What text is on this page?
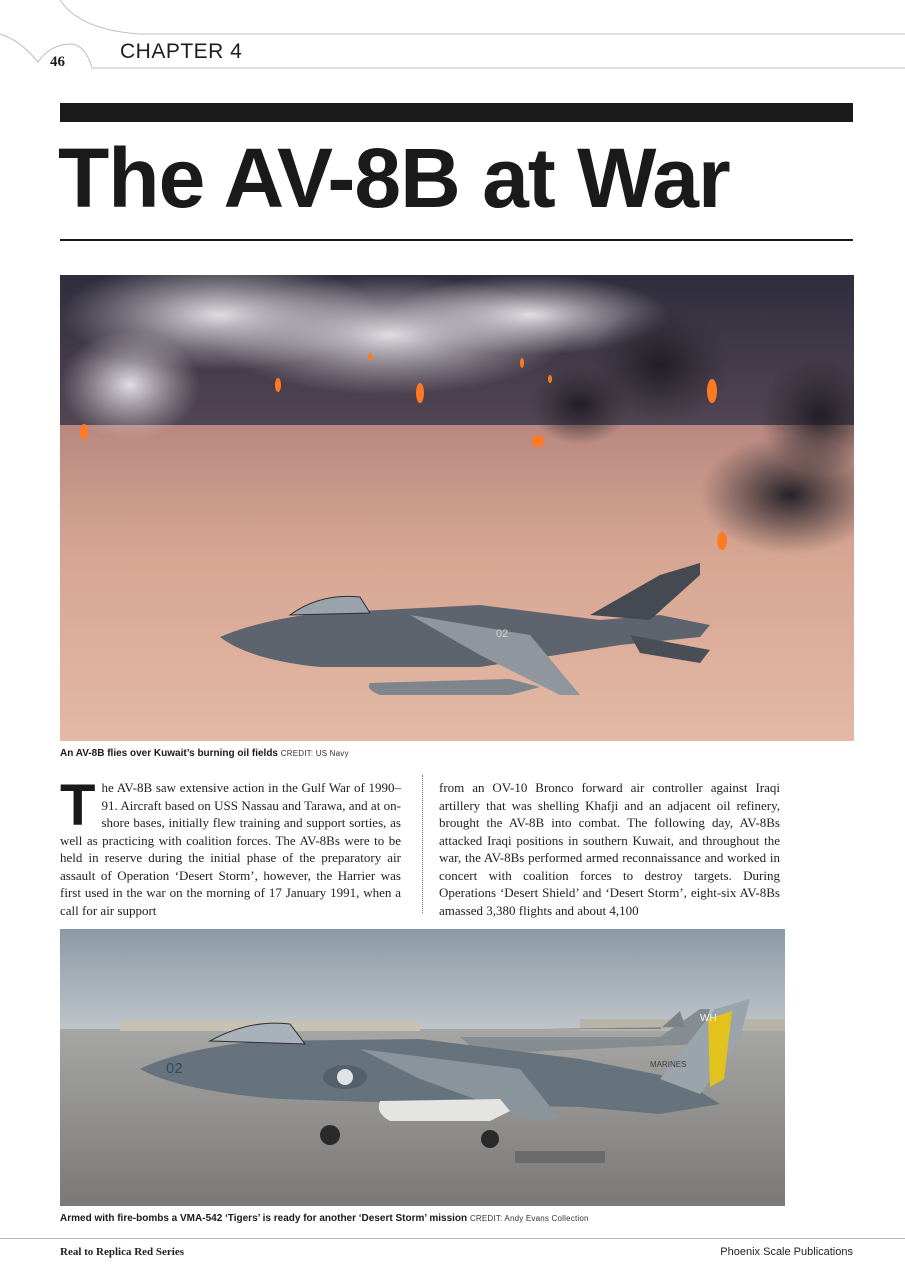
46	CHAPTER 4
The AV-8B at War
02
An AV-8B flies over Kuwait’s burning oil fields CREDIT: US Navy
T he AV-8B saw extensive action in the Gulf War of 1990–91. Aircraft based on USS Nassau and Tarawa, and at on-shore bases, initially flew training and support sorties, as well as practicing with coalition forces. The AV-8Bs were to be held in reserve during the initial phase of the preparatory air assault of Operation ‘Desert Storm’, however, the Harrier was first used in the war on the morning of 17 January 1991, when a call for air support
from an OV-10 Bronco forward air controller against Iraqi artillery that was shelling Khafji and an adjacent oil refinery, brought the AV-8B into combat. The following day, AV-8Bs attacked Iraqi positions in southern Kuwait, and throughout the war, the AV-8Bs performed armed reconnaissance and worked in concert with coalition forces to destroy targets. During Operations ‘Desert Shield’ and ‘Desert Storm’, eight-six AV-8Bs amassed 3,380 flights and about 4,100
02
WH
MARINES
Armed with fire-bombs a VMA-542 ‘Tigers’ is ready for another ‘Desert Storm’ mission CREDIT: Andy Evans Collection
Real to Replica Red Series	Phoenix Scale Publications
